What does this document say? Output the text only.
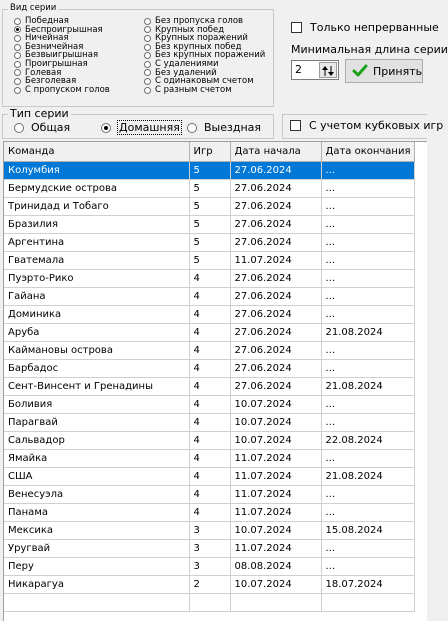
Вид серии
Победная
Беспроигрышная
Ничейная
Безничейная
Безвыигрышная
Проигрышная
Голевая
Безголевая
С пропуском голов
Без пропуска голов
Крупных побед
Крупных поражений
Без крупных побед
Без крупных поражений
С удалениями
Без удалений
С одинаковым счетом
С разным счетом
Только непрерванные
Минимальная длина серии
2	Принять
Тип серии
Общая	Домашняя Выездная	С учетом кубковых игр
Команда	Игр	Дата начала	Дата окончания
Колумбия	5	27.06.2024	...
Бермудские острова	5	27.06.2024	...
Тринидад и Тобаго	5	27.06.2024	...
Бразилия	5	27.06.2024	...
Аргентина	5	27.06.2024	...
Гватемала	5	11.07.2024	...
Пуэрто-Рико	4	27.06.2024	...
Гайана	4	27.06.2024	...
Доминика	4	27.06.2024	...
Аруба	4	27.06.2024	21.08.2024
Каймановы острова	4	27.06.2024	...
Барбадос	4	27.06.2024	...
Сент-Винсент и Гренадины	4	27.06.2024	21.08.2024
Боливия	4	10.07.2024	...
Парагвай	4	10.07.2024	...
Сальвадор	4	10.07.2024	22.08.2024
Ямайка	4	11.07.2024	...
США	4	11.07.2024	21.08.2024
Венесуэла	4	11.07.2024	...
Панама	4	11.07.2024	...
Мексика	3	10.07.2024	15.08.2024
Уругвай	3	11.07.2024	...
Перу	3	08.08.2024	...
Никарагуа	2	10.07.2024	18.07.2024
